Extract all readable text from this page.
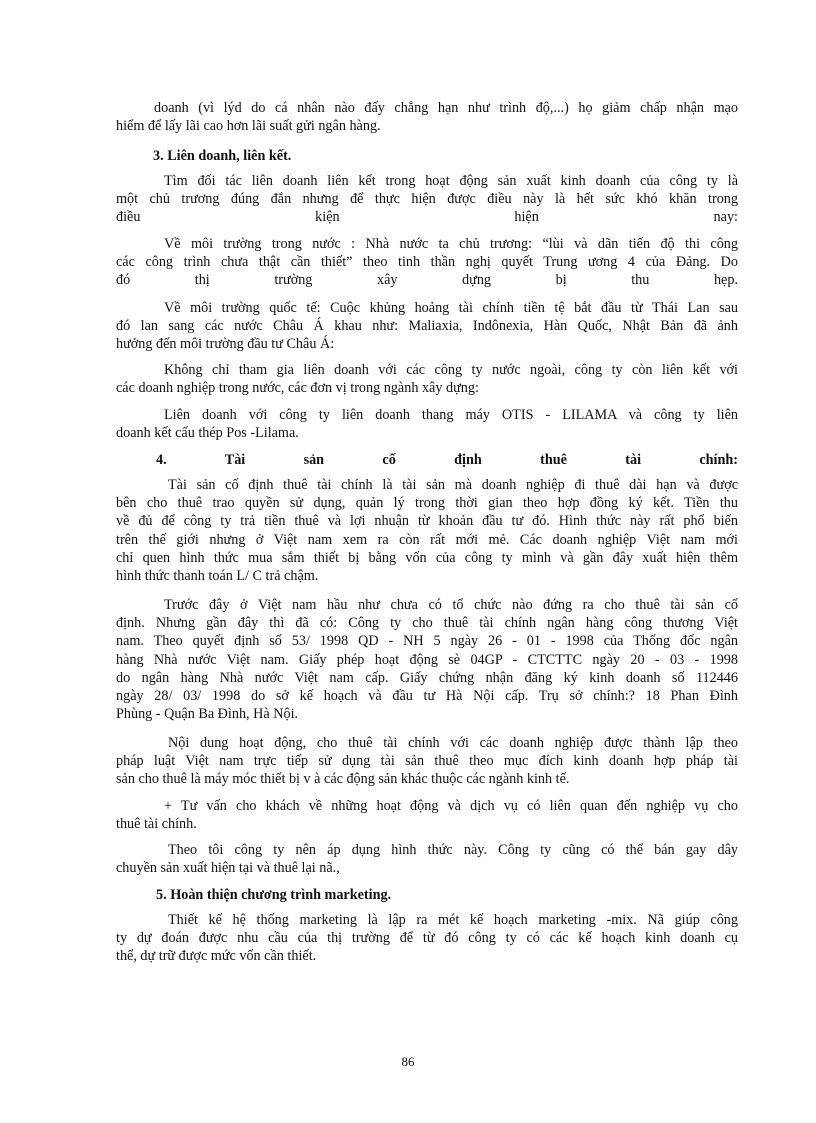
doanh (vì lýd do cá nhân nào đấy chẳng hạn như trình độ,...) họ giảm chấp nhận mạo
hiểm để lấy lãi cao hơn lãi suất gửi ngân hàng.
3. Liên doanh, liên kết.
Tìm đối tác liên doanh liên kết trong hoạt động sản xuất kinh doanh của công ty là
một chủ trương đúng đắn nhưng để thực hiện được điều này là hết sức khó khăn trong
điều kiện hiện nay:
Về môi trường trong nước : Nhà nước ta chủ trương: “lùi và dãn tiến độ thi công
các công trình chưa thật cần thiết” theo tinh thần nghị quyết Trung ương 4 của Đảng. Do
đó thị trường xây dựng bị thu hẹp.
Về môi trường quốc tế: Cuộc khủng hoảng tài chính tiền tệ bắt đầu từ Thái Lan sau
đó lan sang các nước Châu Á khau như: Maliaxia, Indônexia, Hàn Quốc, Nhật Bản đã ảnh
hưởng đến môi trường đầu tư Châu Á:
Không chỉ tham gia liên doanh với các công ty nước ngoài, công ty còn liên kết với
các doanh nghiệp trong nước, các đơn vị trong ngành xây dựng:
Liên doanh với công ty liên doanh thang máy OTIS - LILAMA và công ty liên
doanh kết cấu thép Pos -Lilama.
4. Tài sản cố định thuê tài chính:
Tài sản cố định thuê tài chính là tài sản mà doanh nghiệp đi thuê dài hạn và được
bên cho thuê trao quyền sử dụng, quản lý trong thời gian theo hợp đồng ký kết. Tiền thu
về đủ để công ty trả tiền thuê và lợi nhuận từ khoản đầu tư đó. Hình thức này rất phổ biến
trên thế giới nhưng ở Việt nam xem ra còn rất mới mẻ. Các doanh nghiệp Việt nam mới
chỉ quen hình thức mua sắm thiết bị bằng vốn của công ty mình và gần đây xuất hiện thêm
hình thức thanh toán L/ C trả chậm.
Trước đây ở Việt nam hầu như chưa có tổ chức nào đứng ra cho thuê tài sản cố
định. Nhưng gần đây thì đã có: Công ty cho thuê tài chính ngân hàng công thương Việt
nam. Theo quyết định số 53/ 1998 QD - NH 5 ngày 26 - 01 - 1998 của Thống đốc ngân
hàng Nhà nước Việt nam. Giấy phép hoạt động sè 04GP - CTCTTC ngày 20 - 03 - 1998
do ngân hàng Nhà nước Việt nam cấp. Giấy chứng nhận đăng ký kinh doanh số 112446
ngày 28/ 03/ 1998 do sở kế hoạch và đầu tư Hà Nội cấp. Trụ sở chính:? 18 Phan Đình
Phùng - Quận Ba Đình, Hà Nội.
Nội dung hoạt động, cho thuê tài chính với các doanh nghiệp được thành lập theo
pháp luật Việt nam trực tiếp sử dụng tài sản thuê theo mục đích kinh doanh hợp pháp tài
sản cho thuê là máy móc thiết bị v à các động sản khác thuộc các ngành kinh tế.
+ Tư vấn cho khách về những hoạt động và dịch vụ có liên quan đến nghiệp vụ cho
thuê tài chính.
Theo tôi công ty nên áp dụng hình thức này. Công ty cũng có thể bán gay dây
chuyền sản xuất hiện tại và thuê lại nã.,
5. Hoàn thiện chương trình marketing.
Thiết kế hệ thống marketing là lập ra mét kế hoạch marketing -mix. Nã giúp công
ty dự đoán được nhu cầu của thị trường để từ đó công ty có các kế hoạch kinh doanh cụ
thể, dự trữ được mức vốn cần thiết.
86
